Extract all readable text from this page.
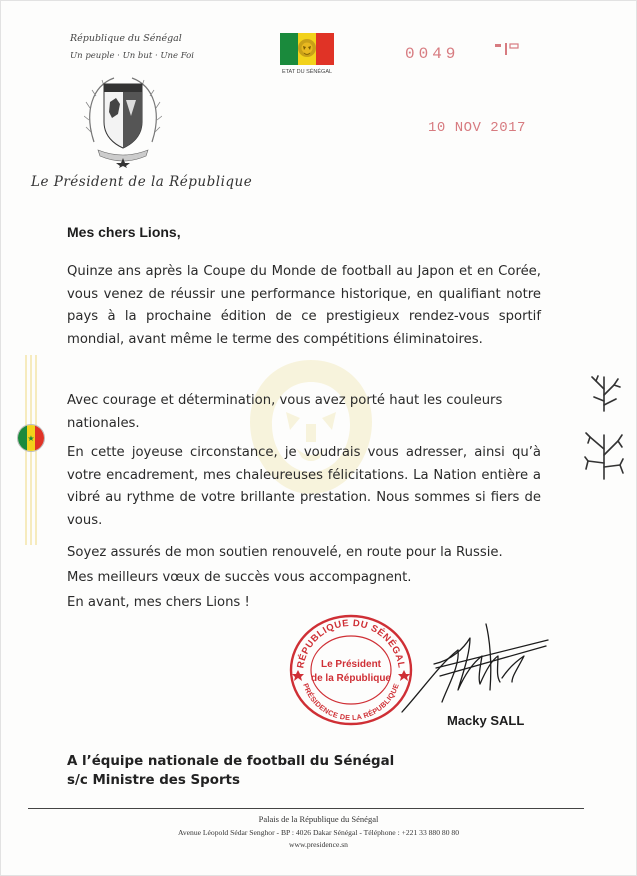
République du Sénégal
Un peuple · Un but · Une Foi
Le Président de la République
ETAT DU SÉNÉGAL
0049
10 NOV 2017
Mes chers Lions,

Quinze ans après la Coupe du Monde de football au Japon et en Corée, vous venez de réussir une performance historique, en qualifiant notre pays à la prochaine édition de ce prestigieux rendez-vous sportif mondial, avant même le terme des compétitions éliminatoires.

Avec courage et détermination, vous avez porté haut les couleurs nationales.

En cette joyeuse circonstance, je voudrais vous adresser, ainsi qu’à votre encadrement, mes chaleureuses félicitations. La Nation entière a vibré au rythme de votre brillante prestation. Nous sommes si fiers de vous.

Soyez assurés de mon soutien renouvelé, en route pour la Russie.

Mes meilleurs vœux de succès vous accompagnent.

En avant, mes chers Lions !

★
RÉPUBLIQUE DU SÉNÉGAL
PRÉSIDENCE DE LA RÉPUBLIQUE
Le Président
de la République
Macky SALL
A l’équipe nationale de football du Sénégal
s/c Ministre des Sports
Palais de la République du Sénégal
Avenue Léopold Sédar Senghor - BP : 4026 Dakar Sénégal - Téléphone : +221 33 880 80 80
www.presidence.sn
